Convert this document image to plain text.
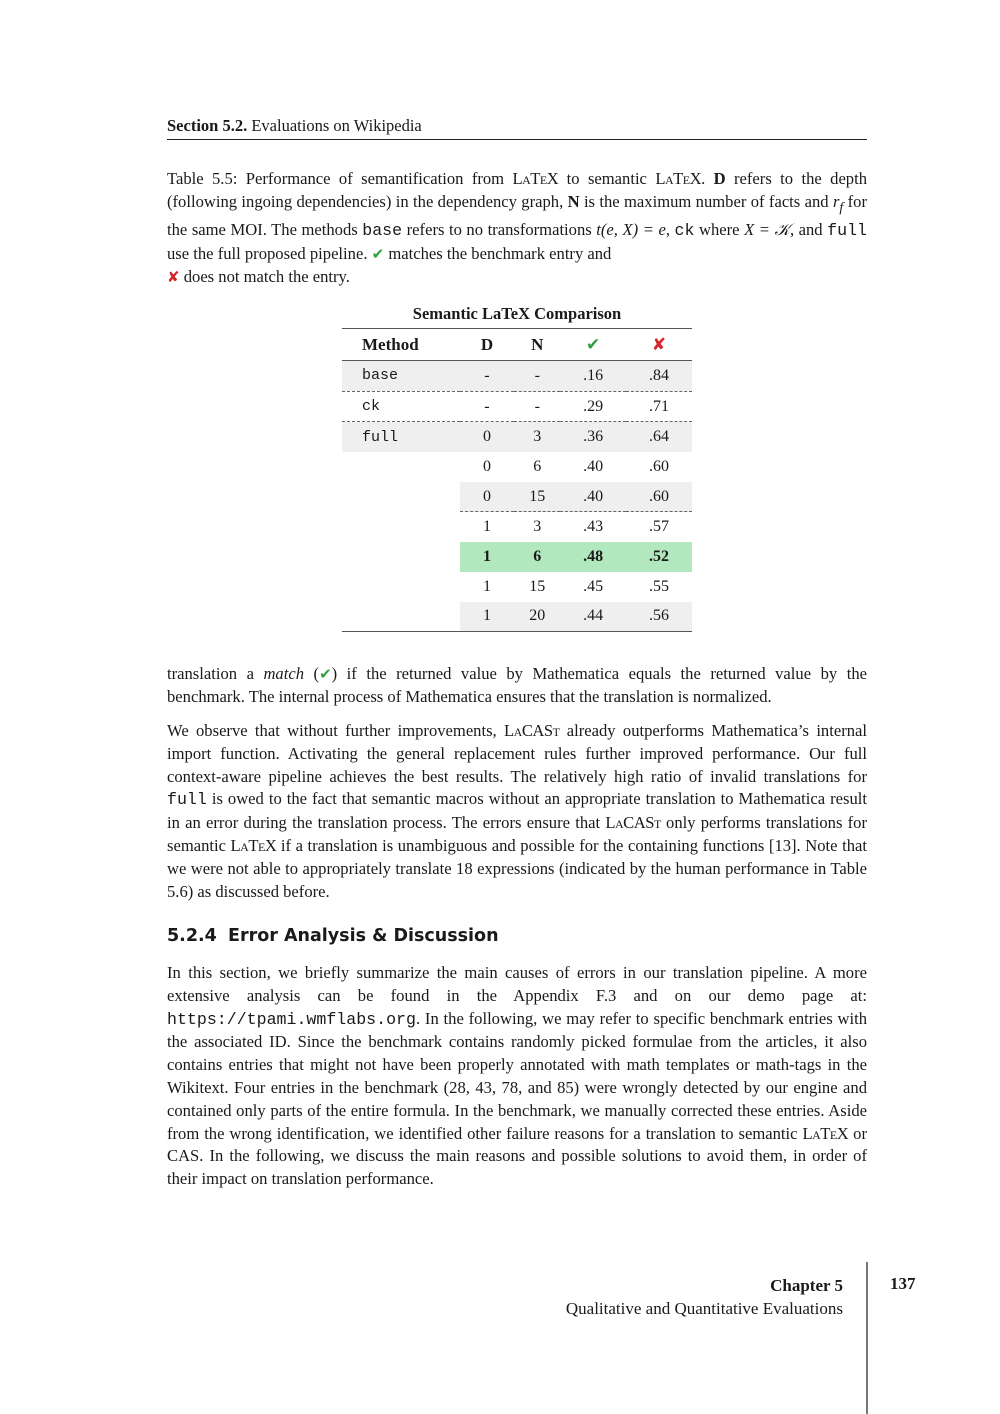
Section 5.2. Evaluations on Wikipedia
Table 5.5: Performance of semantification from LaTeX to semantic LaTeX. D refers to the depth (following ingoing dependencies) in the dependency graph, N is the maximum number of facts and $r_f$ for the same MOI. The methods base refers to no transformations t(e, X) = e, ck where X = 𝒦, and full use the full proposed pipeline. ✔ matches the benchmark entry and
✘ does not match the entry.
Semantic LaTeX Comparison
Method	D	N	✔	✘
base	-	-	.16	.84
ck	-	-	.29	.71
full	0	3	.36	.64
	0	6	.40	.60
	0	15	.40	.60
	1	3	.43	.57
	1	6	.48	.52
	1	15	.45	.55
	1	20	.44	.56
translation a match (✔) if the returned value by Mathematica equals the returned value by the benchmark. The internal process of Mathematica ensures that the translation is normalized.
We observe that without further improvements, LaCASt already outperforms Mathematica’s internal import function. Activating the general replacement rules further improved performance. Our full context-aware pipeline achieves the best results. The relatively high ratio of invalid translations for full is owed to the fact that semantic macros without an appropriate translation to Mathematica result in an error during the translation process. The errors ensure that LaCASt only performs translations for semantic LaTeX if a translation is unambiguous and possible for the containing functions [13]. Note that we were not able to appropriately translate 18 expressions (indicated by the human performance in Table 5.6) as discussed before.
5.2.4 Error Analysis & Discussion
In this section, we briefly summarize the main causes of errors in our translation pipeline. A more extensive analysis can be found in the Appendix F.3 and on our demo page at: https://tpami.wmflabs.org. In the following, we may refer to specific benchmark entries with the associated ID. Since the benchmark contains randomly picked formulae from the articles, it also contains entries that might not have been properly annotated with math templates or math-tags in the Wikitext. Four entries in the benchmark (28, 43, 78, and 85) were wrongly detected by our engine and contained only parts of the entire formula. In the benchmark, we manually corrected these entries. Aside from the wrong identification, we identified other failure reasons for a translation to semantic LaTeX or CAS. In the following, we discuss the main reasons and possible solutions to avoid them, in order of their impact on translation performance.
Chapter 5
Qualitative and Quantitative Evaluations
137
